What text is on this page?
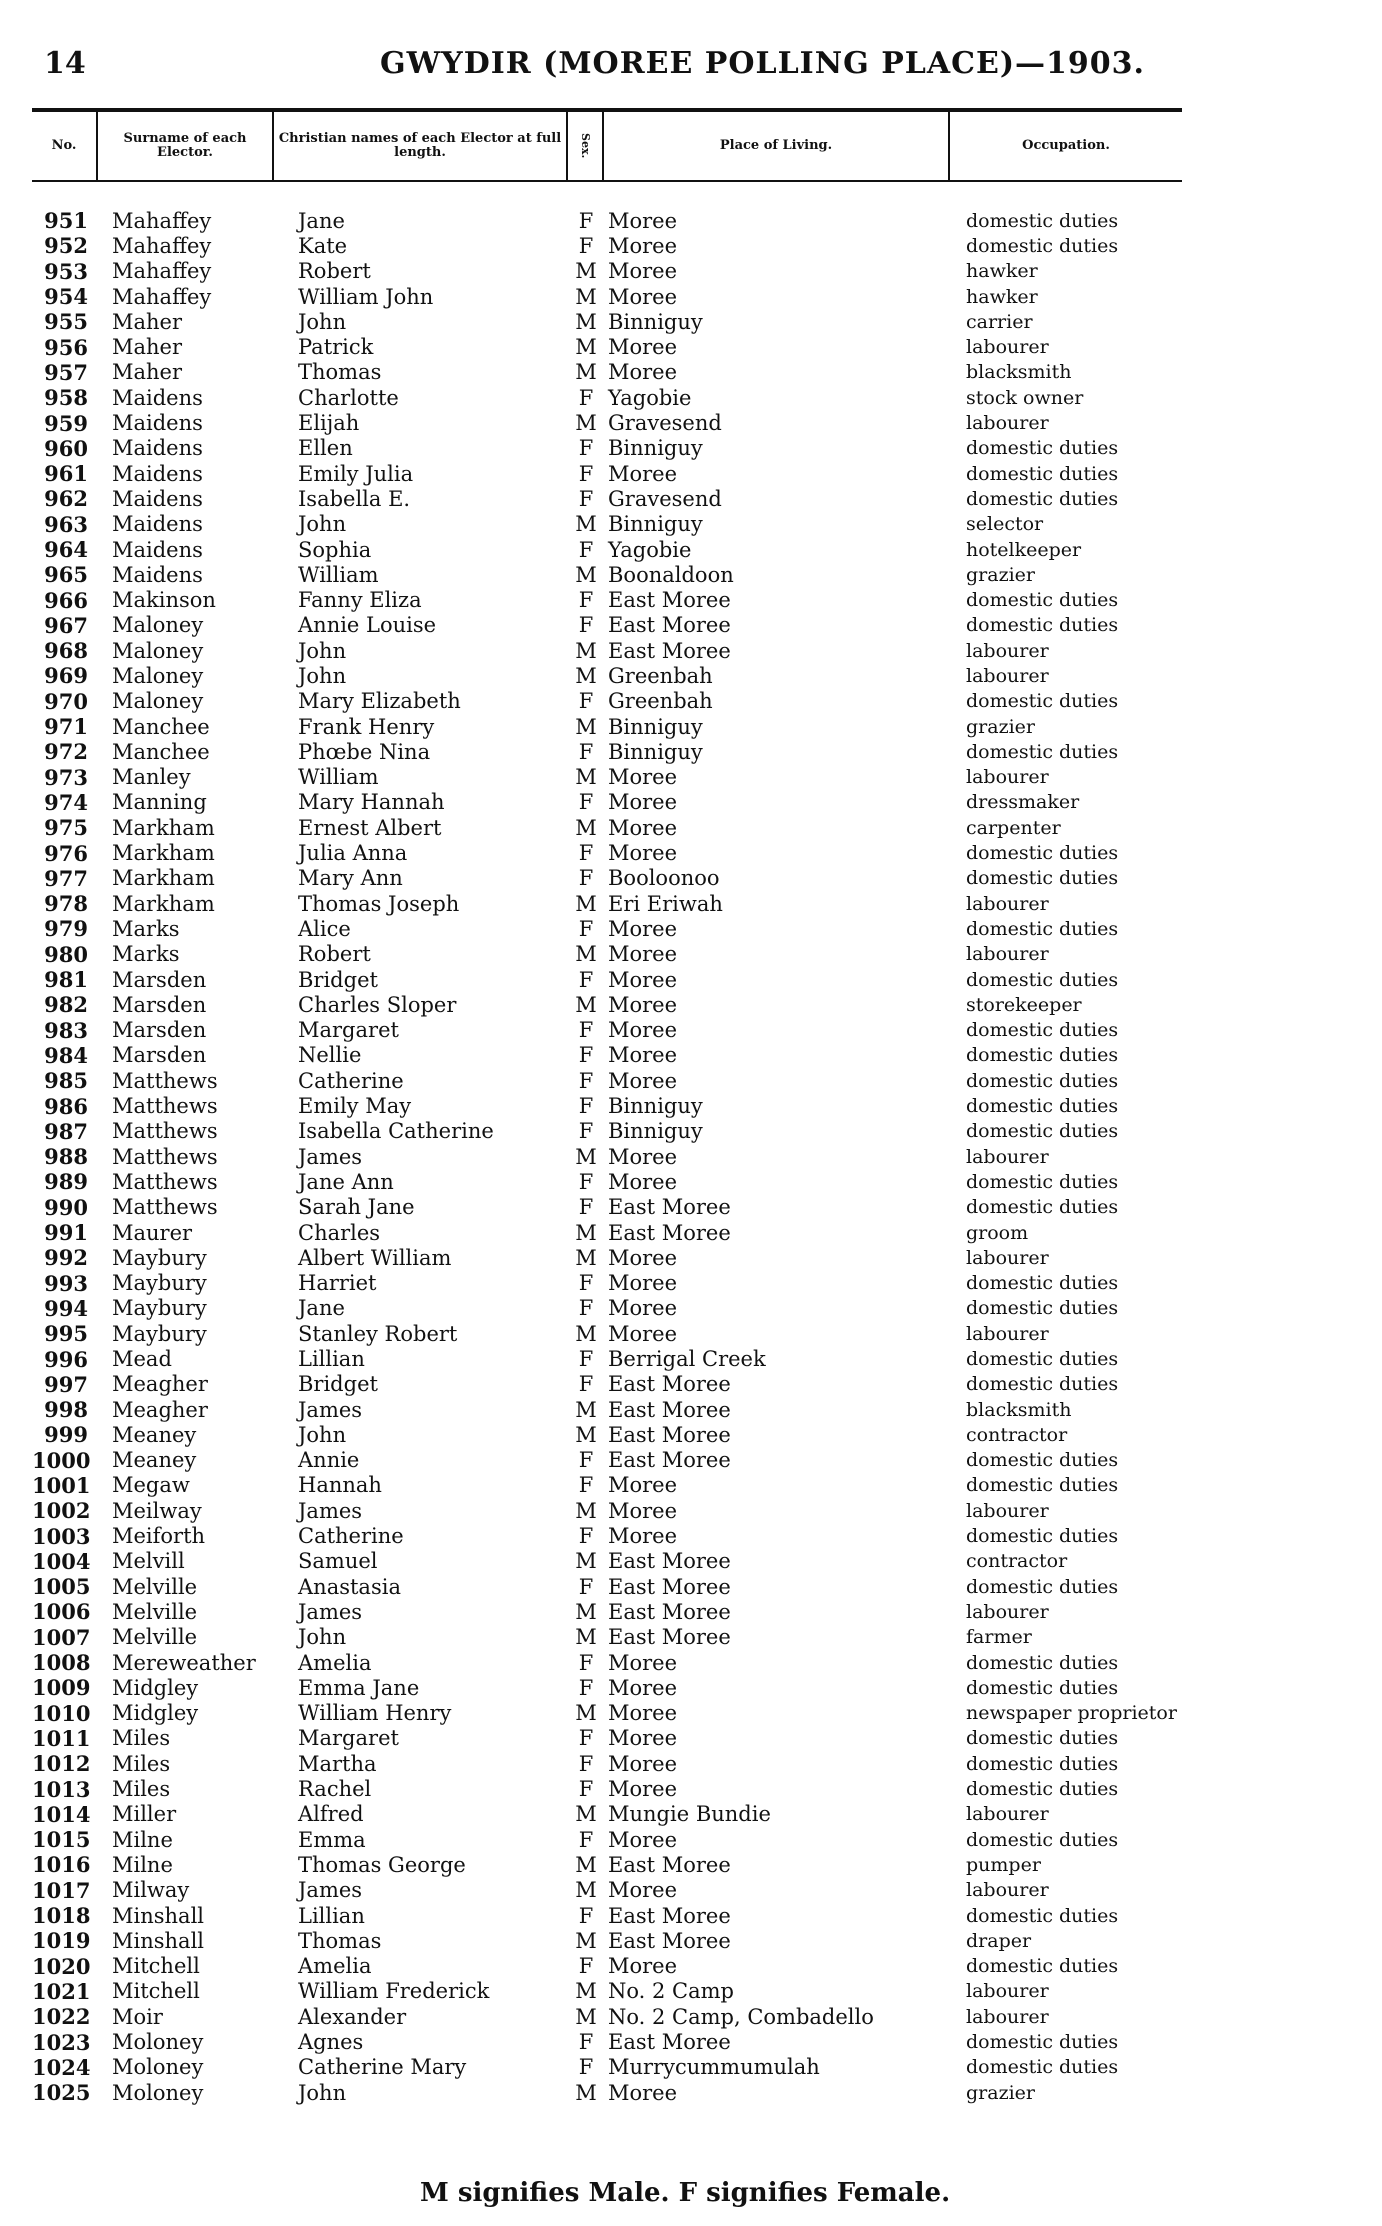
14	GWYDIR (MOREE POLLING PLACE)—1903.
No.	Surname of each Elector.
Christian names of each Elector at full length.	Sex.	Place of Living.	Occupation.
951	Mahaffey	Jane	F Moree	domestic duties
952	Mahaffey	Kate	F Moree	domestic duties
953	Mahaffey	Robert	M Moree	hawker
954	Mahaffey	William John	M Moree	hawker
955	Maher	John	M Binniguy	carrier
956	Maher	Patrick	M Moree	labourer
957	Maher	Thomas	M Moree	blacksmith
958	Maidens	Charlotte	F Yagobie	stock owner
959	Maidens	Elijah	M Gravesend	labourer
960	Maidens	Ellen	F Binniguy	domestic duties
961	Maidens	Emily Julia	F Moree	domestic duties
962	Maidens	Isabella E.	F Gravesend	domestic duties
963	Maidens	John	M Binniguy	selector
964	Maidens	Sophia	F Yagobie	hotelkeeper
965	Maidens	William	M Boonaldoon	grazier
966	Makinson	Fanny Eliza	F East Moree	domestic duties
967	Maloney	Annie Louise	F East Moree	domestic duties
968	Maloney	John	M East Moree	labourer
969	Maloney	John	M Greenbah	labourer
970	Maloney	Mary Elizabeth	F Greenbah	domestic duties
971	Manchee	Frank Henry	M Binniguy	grazier
972	Manchee	Phœbe Nina	F Binniguy	domestic duties
973	Manley	William	M Moree	labourer
974	Manning	Mary Hannah	F Moree	dressmaker
975	Markham	Ernest Albert	M Moree	carpenter
976	Markham	Julia Anna	F Moree	domestic duties
977	Markham	Mary Ann	F Booloonoo	domestic duties
978	Markham	Thomas Joseph	M Eri Eriwah	labourer
979	Marks	Alice	F Moree	domestic duties
980	Marks	Robert	M Moree	labourer
981	Marsden	Bridget	F Moree	domestic duties
982	Marsden	Charles Sloper	M Moree	storekeeper
983	Marsden	Margaret	F Moree	domestic duties
984	Marsden	Nellie	F Moree	domestic duties
985	Matthews	Catherine	F Moree	domestic duties
986	Matthews	Emily May	F Binniguy	domestic duties
987	Matthews	Isabella Catherine	F Binniguy	domestic duties
988	Matthews	James	M Moree	labourer
989	Matthews	Jane Ann	F Moree	domestic duties
990	Matthews	Sarah Jane	F East Moree	domestic duties
991	Maurer	Charles	M East Moree	groom
992	Maybury	Albert William	M Moree	labourer
993	Maybury	Harriet	F Moree	domestic duties
994	Maybury	Jane	F Moree	domestic duties
995	Maybury	Stanley Robert	M Moree	labourer
996	Mead	Lillian	F Berrigal Creek	domestic duties
997	Meagher	Bridget	F East Moree	domestic duties
998	Meagher	James	M East Moree	blacksmith
999	Meaney	John	M East Moree	contractor
1000	Meaney	Annie	F East Moree	domestic duties
1001	Megaw	Hannah	F Moree	domestic duties
1002	Meilway	James	M Moree	labourer
1003	Meiforth	Catherine	F Moree	domestic duties
1004	Melvill	Samuel	M East Moree	contractor
1005	Melville	Anastasia	F East Moree	domestic duties
1006	Melville	James	M East Moree	labourer
1007	Melville	John	M East Moree	farmer
1008	Mereweather	Amelia	F Moree	domestic duties
1009	Midgley	Emma Jane	F Moree	domestic duties
1010	Midgley	William Henry	M Moree	newspaper proprietor
1011	Miles	Margaret	F Moree	domestic duties
1012	Miles	Martha	F Moree	domestic duties
1013	Miles	Rachel	F Moree	domestic duties
1014	Miller	Alfred	M Mungie Bundie	labourer
1015	Milne	Emma	F Moree	domestic duties
1016	Milne	Thomas George	M East Moree	pumper
1017	Milway	James	M Moree	labourer
1018	Minshall	Lillian	F East Moree	domestic duties
1019	Minshall	Thomas	M East Moree	draper
1020	Mitchell	Amelia	F Moree	domestic duties
1021	Mitchell	William Frederick	M No. 2 Camp	labourer
1022	Moir	Alexander	M No. 2 Camp, Combadello	labourer
1023	Moloney	Agnes	F East Moree	domestic duties
1024	Moloney	Catherine Mary	F Murrycummumulah	domestic duties
1025	Moloney	John	M Moree	grazier
M signifies Male. F signifies Female.
